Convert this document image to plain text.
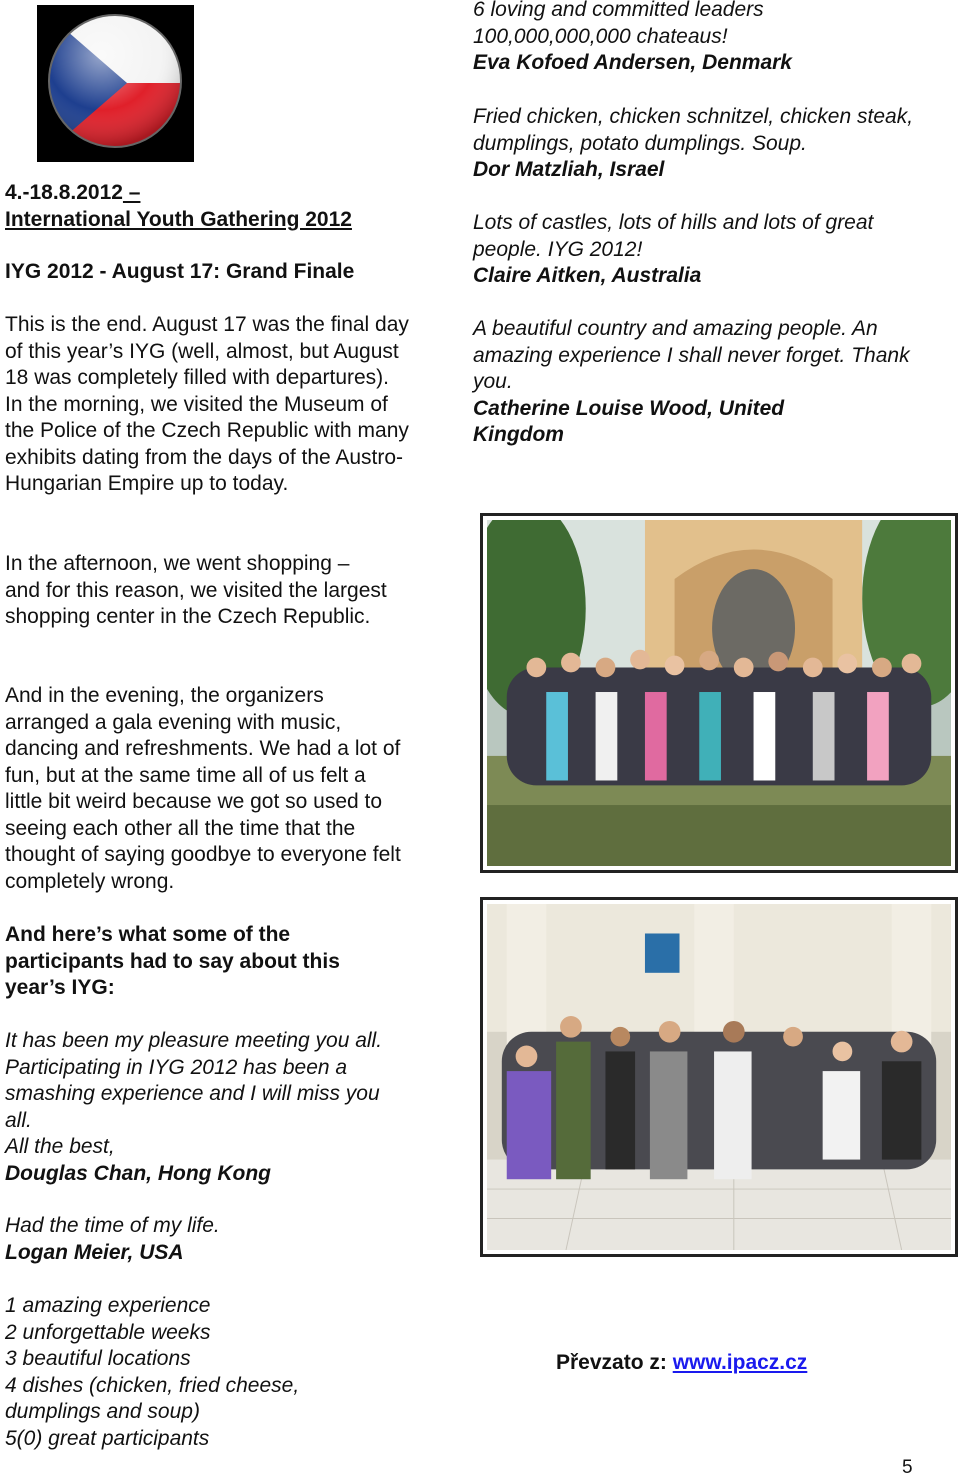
4.-18.8.2012 –

International Youth Gathering 2012

IYG 2012 - August 17: Grand Finale

This is the end. August 17 was the final day of this year’s IYG (well, almost, but August 18 was completely filled with departures). In the morning, we visited the Museum of the Police of the Czech Republic with many exhibits dating from the days of the Austro-Hungarian Empire up to today.

In the afternoon, we went shopping – and for this reason, we visited the largest shopping center in the Czech Republic.

And in the evening, the organizers arranged a gala evening with music, dancing and refreshments. We had a lot of fun, but at the same time all of us felt a little bit weird because we got so used to seeing each other all the time that the thought of saying goodbye to everyone felt completely wrong.

And here’s what some of the participants had to say about this year’s IYG:

It has been my pleasure meeting you all. Participating in IYG 2012 has been a smashing experience and I will miss you all.

All the best,

Douglas Chan, Hong Kong

Had the time of my life.

Logan Meier, USA

1 amazing experience

2 unforgettable weeks

3 beautiful locations

4 dishes (chicken, fried cheese, dumplings and soup)

5(0) great participants

6 loving and committed leaders

100,000,000,000 chateaus!

Eva Kofoed Andersen, Denmark

Fried chicken, chicken schnitzel, chicken steak, dumplings, potato dumplings. Soup.

Dor Matzliah, Israel

Lots of castles, lots of hills and lots of great people. IYG 2012!

Claire Aitken, Australia

A beautiful country and amazing people. An amazing experience I shall never forget. Thank you.

Catherine Louise Wood, United Kingdom

Převzato z: www.ipacz.cz

5
